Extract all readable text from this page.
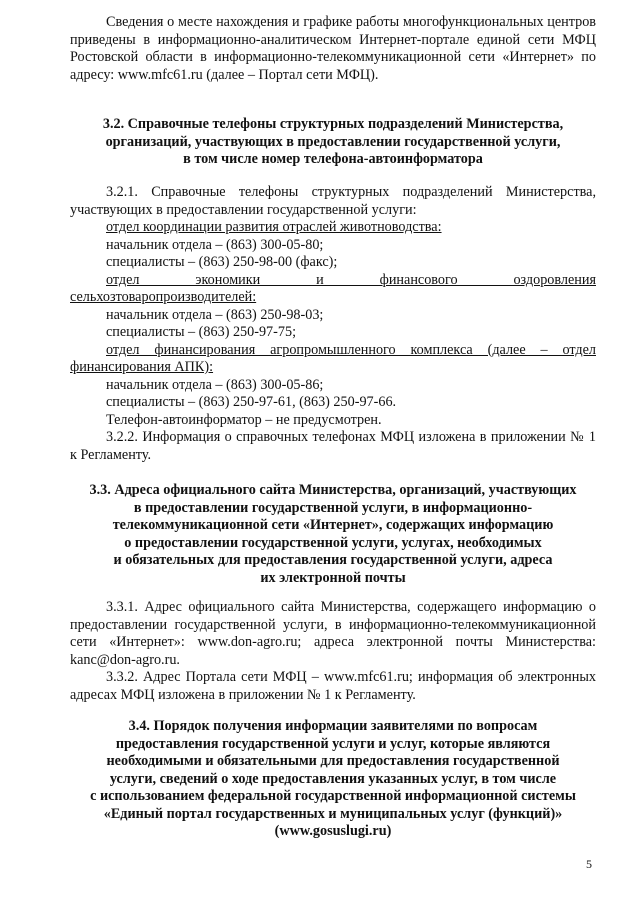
Сведения о месте нахождения и графике работы многофункциональных центров приведены в информационно-аналитическом Интернет-портале единой сети МФЦ Ростовской области в информационно-телекоммуникационной сети «Интернет» по адресу: www.mfc61.ru (далее – Портал сети МФЦ).

3.2. Справочные телефоны структурных подразделений Министерства,

организаций, участвующих в предоставлении государственной услуги,

в том числе номер телефона-автоинформатора

3.2.1. Справочные телефоны структурных подразделений Министерства, участвующих в предоставлении государственной услуги:

отдел координации развития отраслей животноводства:

начальник отдела – (863) 300-05-80;

специалисты – (863) 250-98-00 (факс);

отдел экономики и финансового оздоровления

сельхозтоваропроизводителей:

начальник отдела – (863) 250-98-03;

специалисты – (863) 250-97-75;

отдел финансирования агропромышленного комплекса (далее – отдел

финансирования АПК):

начальник отдела – (863) 300-05-86;

специалисты – (863) 250-97-61, (863) 250-97-66.

Телефон-автоинформатор – не предусмотрен.

3.2.2. Информация о справочных телефонах МФЦ изложена в приложении № 1 к Регламенту.

3.3. Адреса официального сайта Министерства, организаций, участвующих

в предоставлении государственной услуги, в информационно-

телекоммуникационной сети «Интернет», содержащих информацию

о предоставлении государственной услуги, услугах, необходимых

и обязательных для предоставления государственной услуги, адреса

их электронной почты

3.3.1. Адрес официального сайта Министерства, содержащего информацию о предоставлении государственной услуги, в информационно-телекоммуникационной сети «Интернет»: www.don-agro.ru; адреса электронной почты Министерства: kanc@don-agro.ru.

3.3.2. Адрес Портала сети МФЦ – www.mfc61.ru; информация об электронных адресах МФЦ изложена в приложении № 1 к Регламенту.

3.4. Порядок получения информации заявителями по вопросам

предоставления государственной услуги и услуг, которые являются

необходимыми и обязательными для предоставления государственной

услуги, сведений о ходе предоставления указанных услуг, в том числе

с использованием федеральной государственной информационной системы

«Единый портал государственных и муниципальных услуг (функций)»

(www.gosuslugi.ru)

5
